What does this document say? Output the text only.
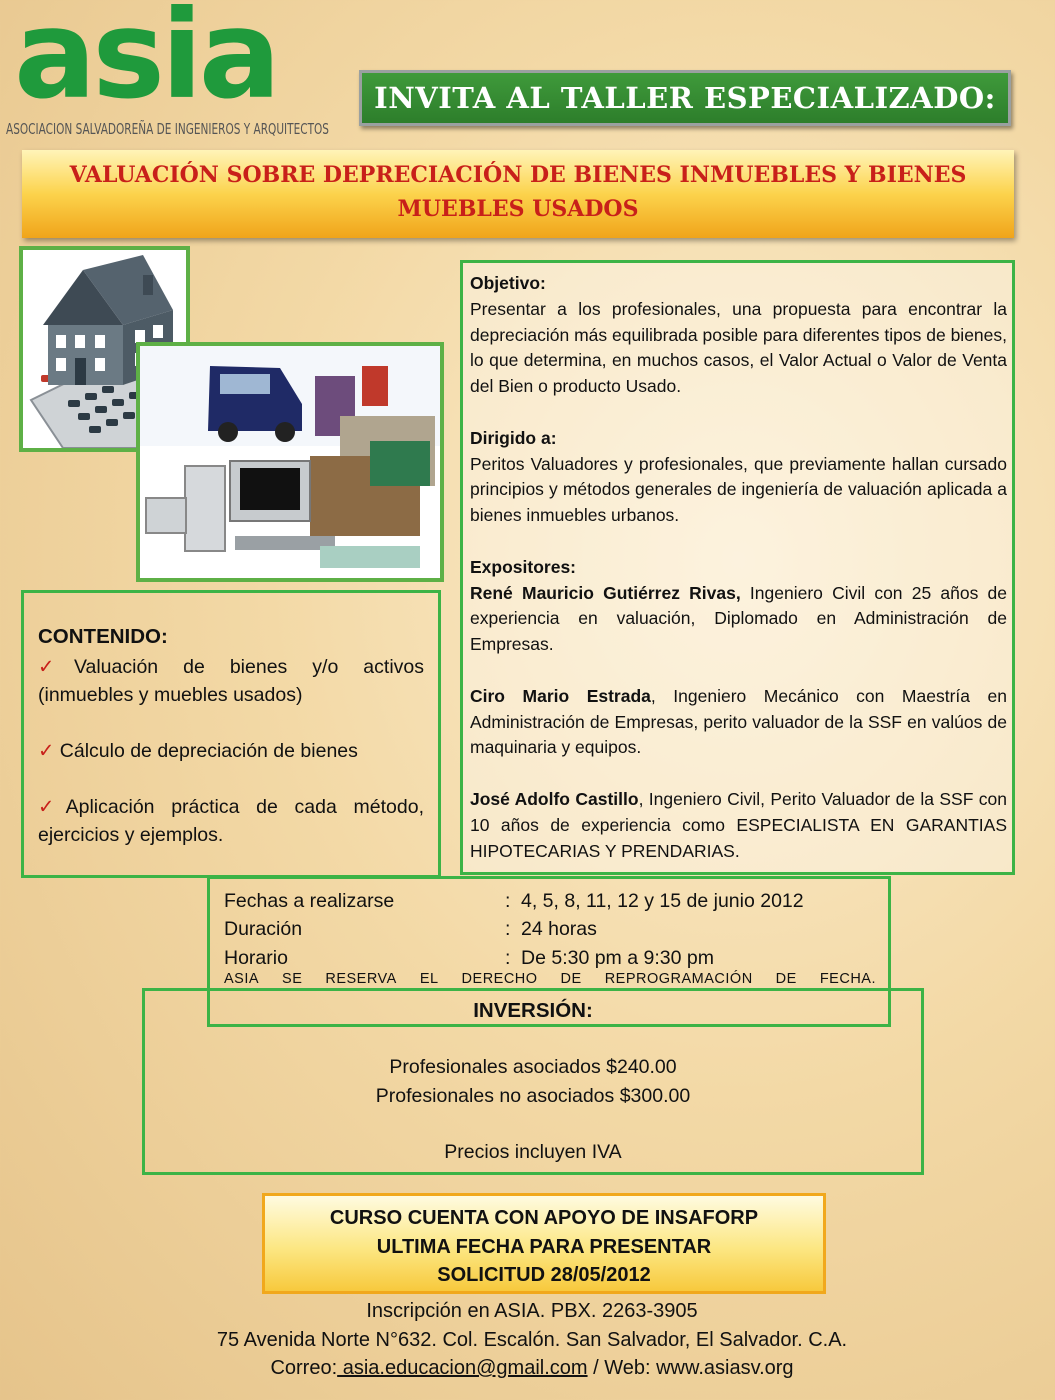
asia
ASOCIACION SALVADOREÑA DE INGENIEROS Y ARQUITECTOS
INVITA AL TALLER ESPECIALIZADO:
VALUACIÓN SOBRE DEPRECIACIÓN DE BIENES INMUEBLES Y BIENES
MUEBLES USADOS
Objetivo:

Presentar a los profesionales, una propuesta para encontrar la depreciación más equilibrada posible para diferentes tipos de bienes, lo que determina, en muchos casos, el Valor Actual o Valor de Venta del Bien o producto Usado.

Dirigido a:

Peritos Valuadores y profesionales, que previamente hallan cursado principios y métodos generales de ingeniería de valuación aplicada a bienes inmuebles urbanos.

Expositores:

René Mauricio Gutiérrez Rivas, Ingeniero Civil con 25 años de experiencia en valuación, Diplomado en Administración de Empresas.

Ciro Mario Estrada, Ingeniero Mecánico con Maestría en Administración de Empresas, perito valuador de la SSF en valúos de maquinaria y equipos.

José Adolfo Castillo, Ingeniero Civil, Perito Valuador de la SSF con 10 años de experiencia como ESPECIALISTA EN GARANTIAS HIPOTECARIAS Y PRENDARIAS.

CONTENIDO:
✓Valuación de bienes y/o activos (inmuebles y muebles usados)
✓ Cálculo de depreciación de bienes
✓Aplicación práctica de cada método, ejercicios y ejemplos.
Fechas a realizarse	: 4, 5, 8, 11, 12 y 15 de junio 2012
Duración	: 24 horas
Horario	: De 5:30 pm a 9:30 pm
ASIA SE RESERVA EL DERECHO DE REPROGRAMACIÓN DE FECHA.
INVERSIÓN:
Profesionales asociados $240.00
Profesionales no asociados $300.00
Precios incluyen IVA
CURSO CUENTA CON APOYO DE INSAFORP
ULTIMA FECHA PARA PRESENTAR
SOLICITUD 28/05/2012
Inscripción en ASIA. PBX. 2263-3905
75 Avenida Norte N°632. Col. Escalón. San Salvador, El Salvador. C.A.
Correo: asia.educacion@gmail.com / Web: www.asiasv.org
